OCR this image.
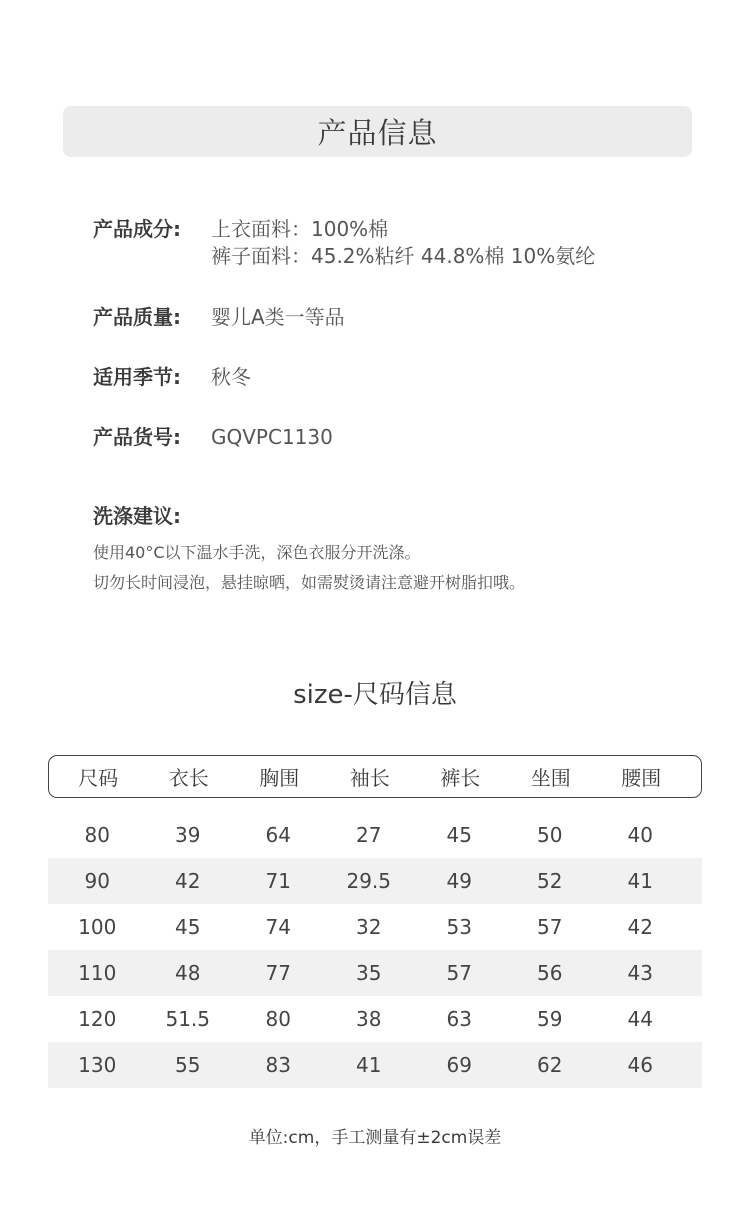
产品信息
产品成分:	上衣面料：100%棉
裤子面料：45.2%粘纤 44.8%棉 10%氨纶
产品质量:	婴儿A类一等品
适用季节:	秋冬
产品货号:	GQVPC1130
洗涤建议:
使用40°C以下温水手洗，深色衣服分开洗涤。
切勿长时间浸泡，悬挂晾晒，如需熨烫请注意避开树脂扣哦。
size-尺码信息
尺码	衣长	胸围	袖长	裤长	坐围	腰围
80	39	64	27	45	50	40
90	42	71	29.5	49	52	41
100	45	74	32	53	57	42
110	48	77	35	57	56	43
120	51.5	80	38	63	59	44
130	55	83	41	69	62	46
单位:cm，手工测量有±2cm误差
